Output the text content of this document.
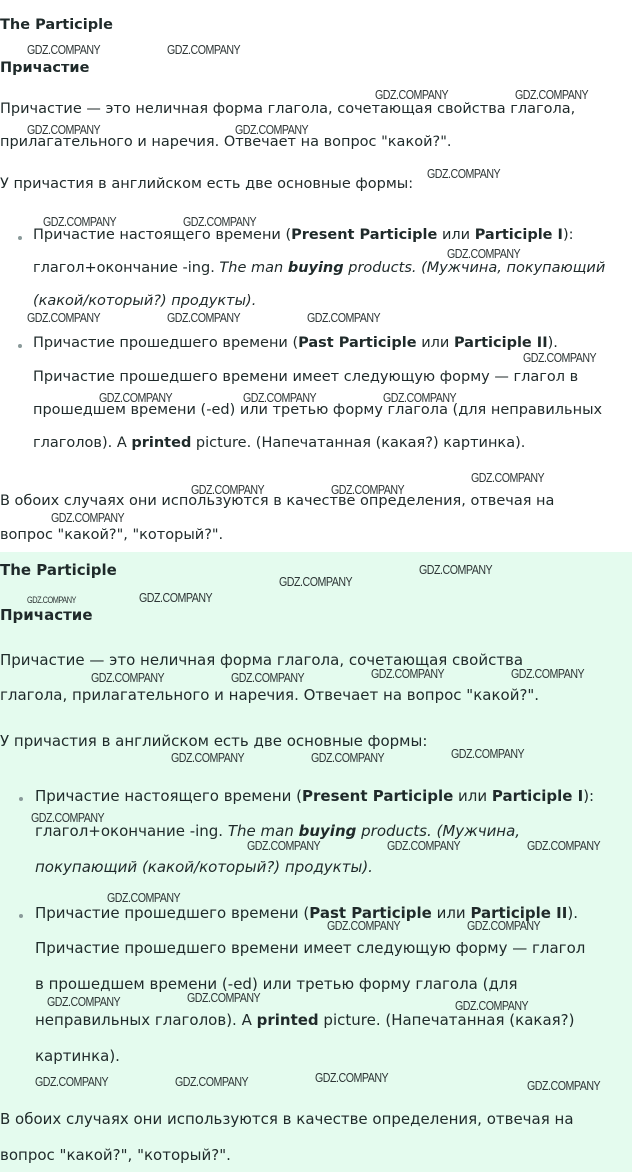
The Participle

Причастие

Причастие — это неличная форма глагола, сочетающая свойства глагола,

прилагательного и наречия. Отвечает на вопрос "какой?".

У причастия в английском есть две основные формы:

Причастие настоящего времени (Present Participle или Participle I):

глагол+окончание -ing. The man buying products. (Мужчина, покупающий

(какой/который?) продукты).

Причастие прошедшего времени (Past Participle или Participle II).

Причастие прошедшего времени имеет следующую форму — глагол в

прошедшем времени (-ed) или третью форму глагола (для неправильных

глаголов). A printed picture. (Напечатанная (какая?) картинка).

В обоих случаях они используются в качестве определения, отвечая на

вопрос "какой?", "который?".

The Participle

Причастие

Причастие — это неличная форма глагола, сочетающая свойства

глагола, прилагательного и наречия. Отвечает на вопрос "какой?".

У причастия в английском есть две основные формы:

Причастие настоящего времени (Present Participle или Participle I):

глагол+окончание -ing. The man buying products. (Мужчина,

покупающий (какой/который?) продукты).

Причастие прошедшего времени (Past Participle или Participle II).

Причастие прошедшего времени имеет следующую форму — глагол

в прошедшем времени (-ed) или третью форму глагола (для

неправильных глаголов). A printed picture. (Напечатанная (какая?)

картинка).

В обоих случаях они используются в качестве определения, отвечая на

вопрос "какой?", "который?".

GDZ.COMPANY	GDZ.COMPANY
GDZ.COMPANY	GDZ.COMPANY
GDZ.COMPANY	GDZ.COMPANY
GDZ.COMPANY
GDZ.COMPANY	GDZ.COMPANY
GDZ.COMPANY
GDZ.COMPANY	GDZ.COMPANY	GDZ.COMPANY
GDZ.COMPANY
GDZ.COMPANY	GDZ.COMPANY	GDZ.COMPANY
GDZ.COMPANY
GDZ.COMPANY	GDZ.COMPANY
GDZ.COMPANY
GDZ.COMPANY
GDZ.COMPANY
GDZ.COMPANY	GDZ.COMPANY
GDZ.COMPANY	GDZ.COMPANY
GDZ.COMPANY	GDZ.COMPANY
GDZ.COMPANY
GDZ.COMPANY	GDZ.COMPANY
GDZ.COMPANY
GDZ.COMPANY	GDZ.COMPANY	GDZ.COMPANY
GDZ.COMPANY
GDZ.COMPANY	GDZ.COMPANY
GDZ.COMPANY
GDZ.COMPANY	GDZ.COMPANY
GDZ.COMPANY
GDZ.COMPANY	GDZ.COMPANY	GDZ.COMPANY
